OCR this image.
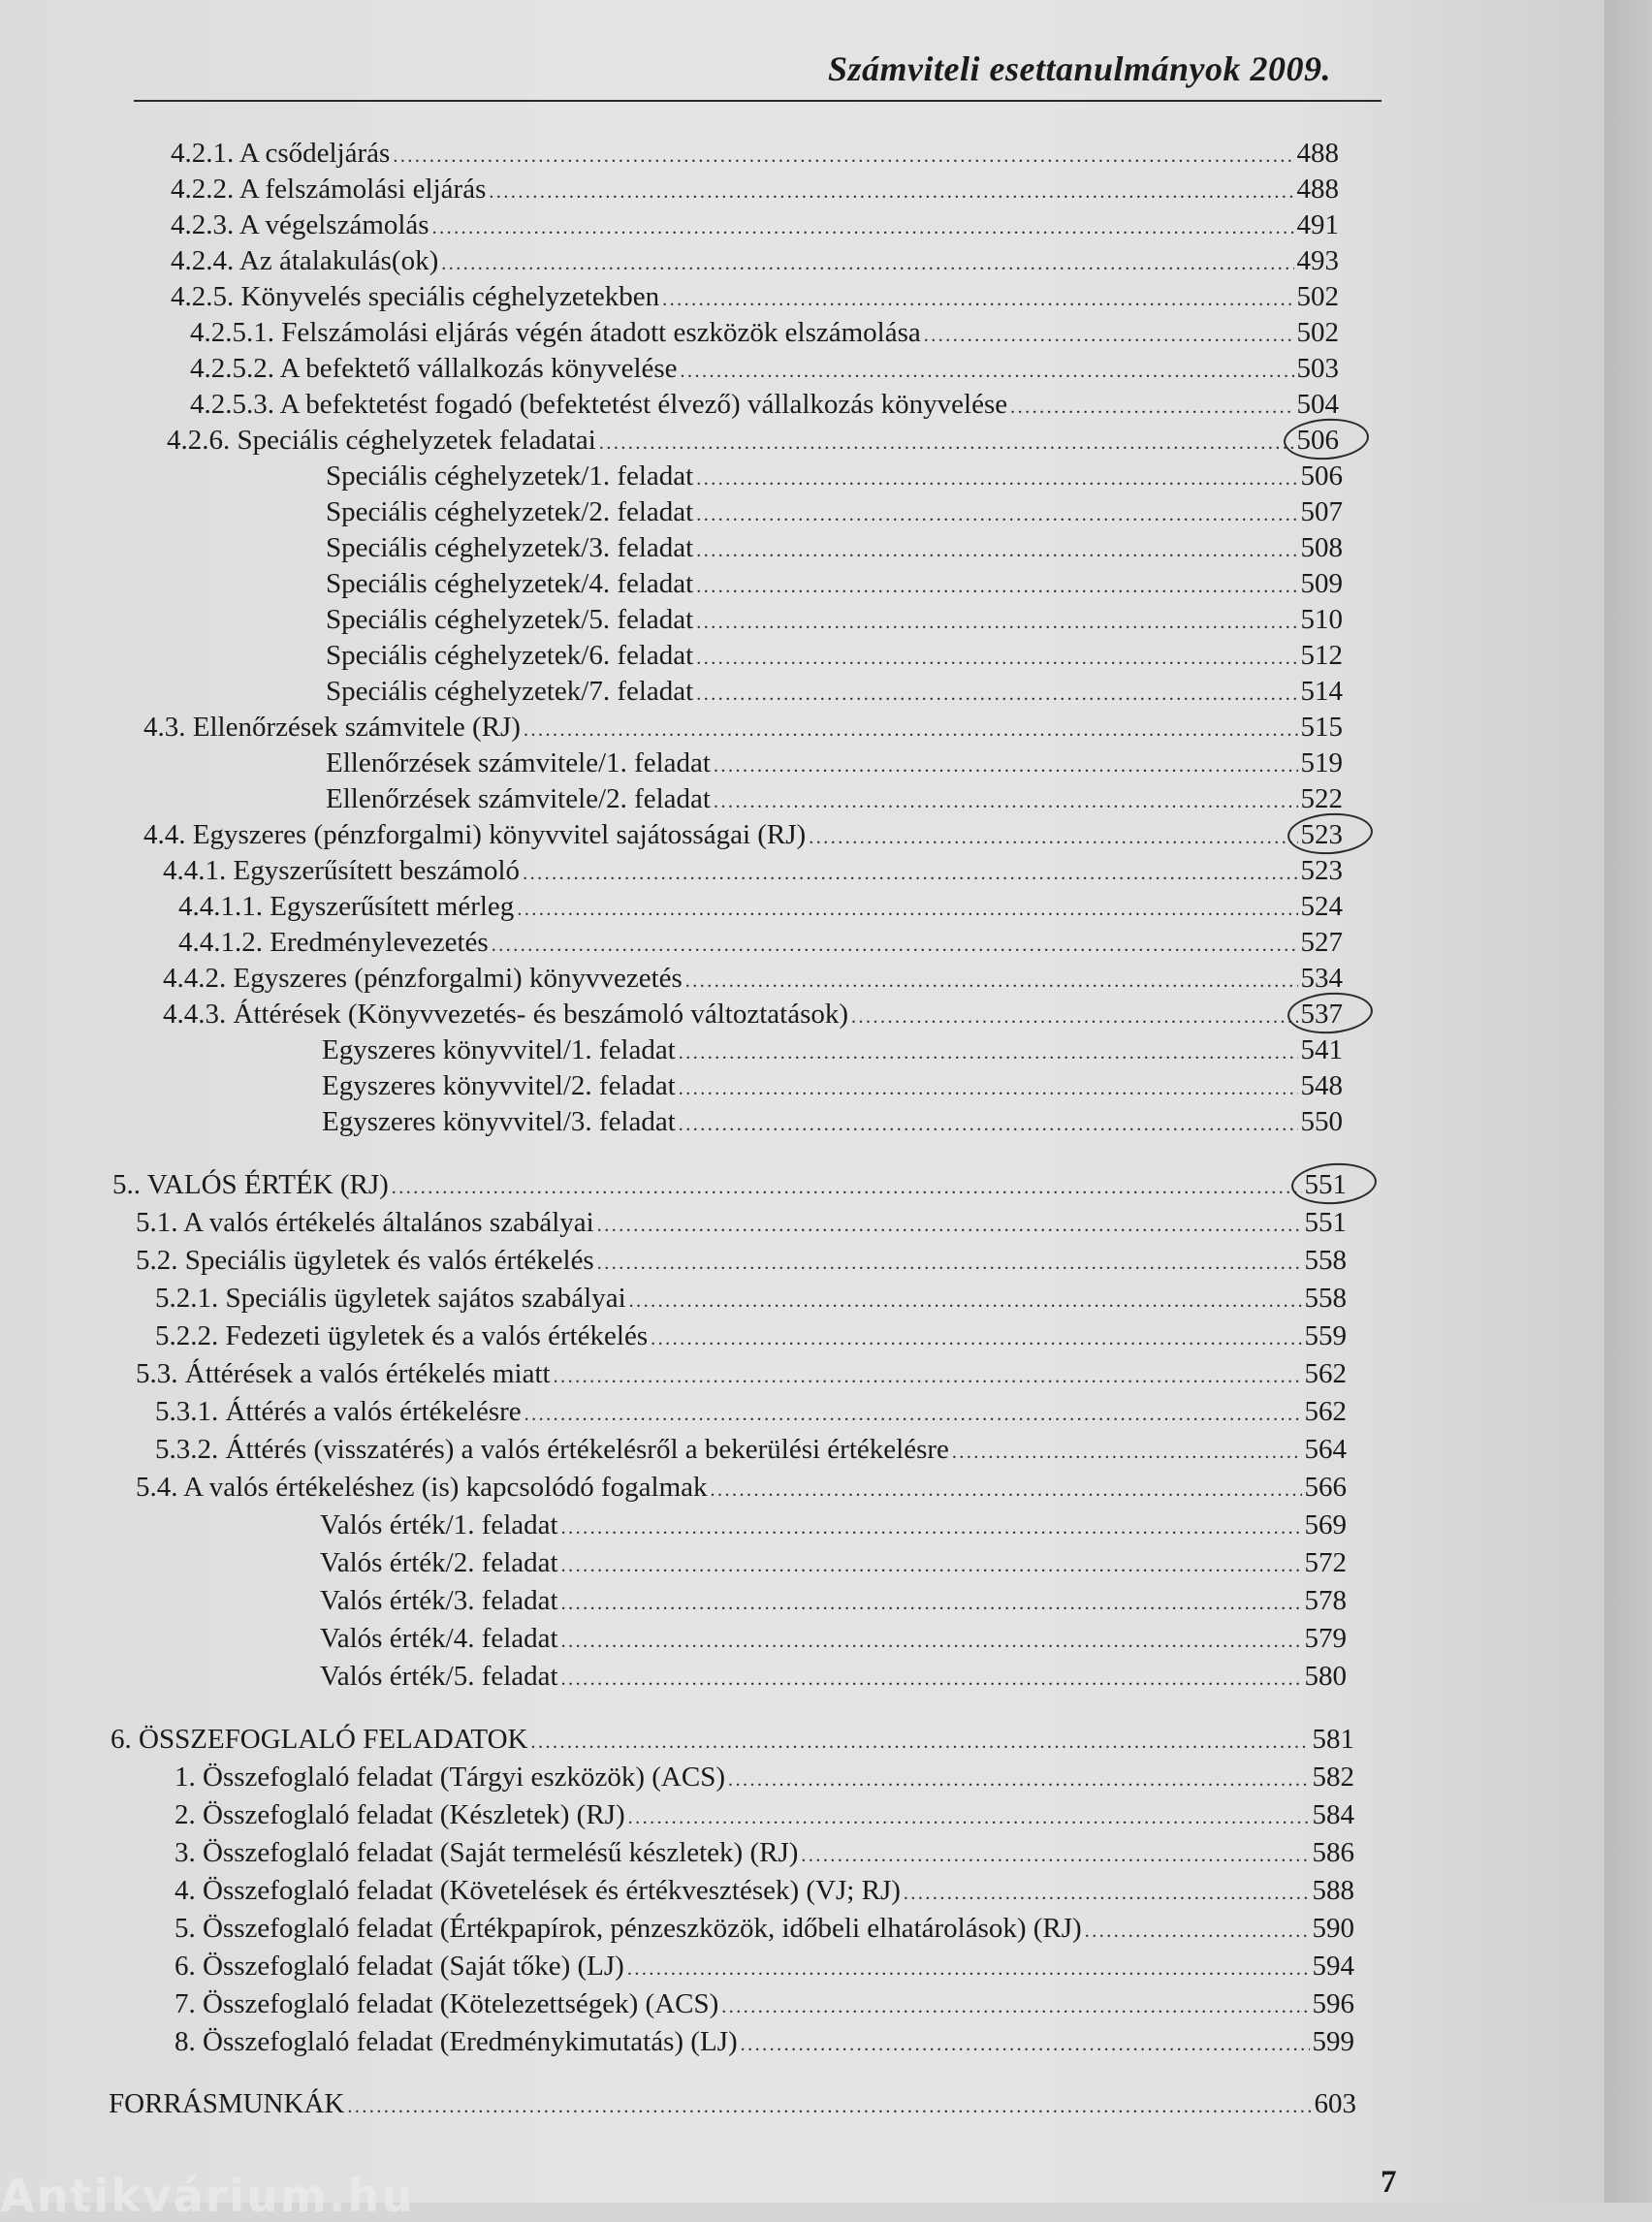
Számviteli esettanulmányok 2009.
4.2.1. A csődeljárás .....	488
4.2.2. A felszámolási eljárás .....	488
4.2.3. A végelszámolás .....	491
4.2.4. Az átalakulás(ok) .....	493
4.2.5. Könyvelés speciális céghelyzetekben .....	502
4.2.5.1. Felszámolási eljárás végén átadott eszközök elszámolása .....	502
4.2.5.2. A befektető vállalkozás könyvelése .....	503
4.2.5.3. A befektetést fogadó (befektetést élvező) vállalkozás könyvelése .....	504
4.2.6. Speciális céghelyzetek feladatai .....	506
Speciális céghelyzetek/1. feladat .....	506
Speciális céghelyzetek/2. feladat .....	507
Speciális céghelyzetek/3. feladat .....	508
Speciális céghelyzetek/4. feladat .....	509
Speciális céghelyzetek/5. feladat .....	510
Speciális céghelyzetek/6. feladat .....	512
Speciális céghelyzetek/7. feladat .....	514
4.3. Ellenőrzések számvitele (RJ) .....	515
Ellenőrzések számvitele/1. feladat .....	519
Ellenőrzések számvitele/2. feladat .....	522
4.4. Egyszeres (pénzforgalmi) könyvvitel sajátosságai (RJ) .....	523
4.4.1. Egyszerűsített beszámoló .....	523
4.4.1.1. Egyszerűsített mérleg .....	524
4.4.1.2. Eredménylevezetés .....	527
4.4.2. Egyszeres (pénzforgalmi) könyvvezetés .....	534
4.4.3. Áttérések (Könyvvezetés- és beszámoló változtatások) .....	537
Egyszeres könyvvitel/1. feladat .....	541
Egyszeres könyvvitel/2. feladat .....	548
Egyszeres könyvvitel/3. feladat .....	550
5.. VALÓS ÉRTÉK (RJ) .....	551
5.1. A valós értékelés általános szabályai .....	551
5.2. Speciális ügyletek és valós értékelés .....	558
5.2.1. Speciális ügyletek sajátos szabályai .....	558
5.2.2. Fedezeti ügyletek és a valós értékelés .....	559
5.3. Áttérések a valós értékelés miatt .....	562
5.3.1. Áttérés a valós értékelésre .....	562
5.3.2. Áttérés (visszatérés) a valós értékelésről a bekerülési értékelésre .....	564
5.4. A valós értékeléshez (is) kapcsolódó fogalmak .....	566
Valós érték/1. feladat .....	569
Valós érték/2. feladat .....	572
Valós érték/3. feladat .....	578
Valós érték/4. feladat .....	579
Valós érték/5. feladat .....	580
6. ÖSSZEFOGLALÓ FELADATOK .....	581
1. Összefoglaló feladat (Tárgyi eszközök) (ACS) .....	582
2. Összefoglaló feladat (Készletek) (RJ) .....	584
3. Összefoglaló feladat (Saját termelésű készletek) (RJ) .....	586
4. Összefoglaló feladat (Követelések és értékvesztések) (VJ; RJ) .....	588
5. Összefoglaló feladat (Értékpapírok, pénzeszközök, időbeli elhatárolások) (RJ) .....	590
6. Összefoglaló feladat (Saját tőke) (LJ) .....	594
7. Összefoglaló feladat (Kötelezettségek) (ACS) .....	596
8. Összefoglaló feladat (Eredménykimutatás) (LJ) .....	599
FORRÁSMUNKÁK .....	603
7
Antikvárium.hu
